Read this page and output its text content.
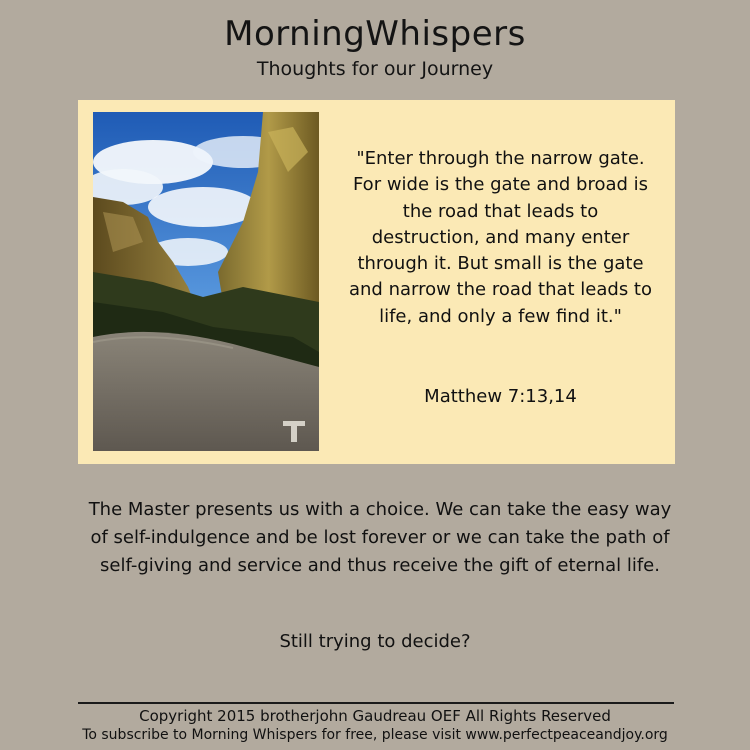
MorningWhispers
Thoughts for our Journey
"Enter through the narrow gate. For wide is the gate and broad is the road that leads to destruction, and many enter through it. But small is the gate and narrow the road that leads to life, and only a few find it."
Matthew 7:13,14
The Master presents us with a choice. We can take the easy way of self-indulgence and be lost forever or we can take the path of self-giving and service and thus receive the gift of eternal life.
Still trying to decide?
Copyright 2015 brotherjohn Gaudreau OEF All Rights Reserved
To subscribe to Morning Whispers for free, please visit www.perfectpeaceandjoy.org
